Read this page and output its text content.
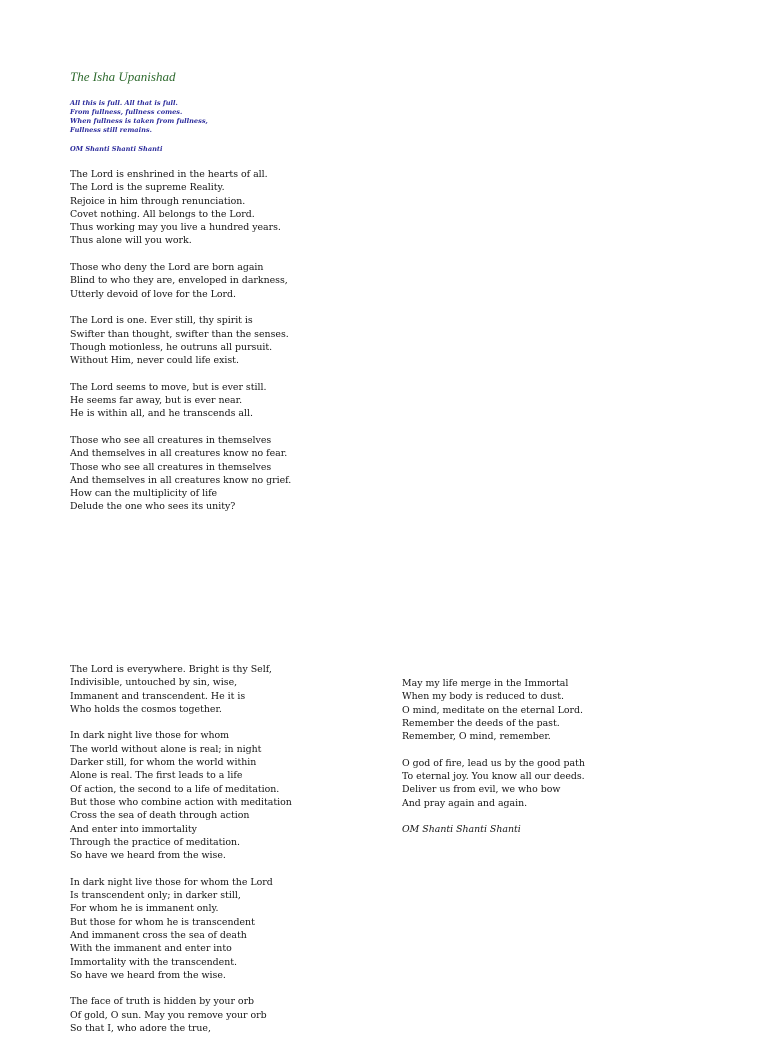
The Isha Upanishad
All this is full. All that is full.
From fullness, fullness comes.
When fullness is taken from fullness,
Fullness still remains.
OM Shanti Shanti Shanti
The Lord is enshrined in the hearts of all.
The Lord is the supreme Reality.
Rejoice in him through renunciation.
Covet nothing. All belongs to the Lord.
Thus working may you live a hundred years.
Thus alone will you work.
Those who deny the Lord are born again
Blind to who they are, enveloped in darkness,
Utterly devoid of love for the Lord.
The Lord is one. Ever still, thy spirit is
Swifter than thought, swifter than the senses.
Though motionless, he outruns all pursuit.
Without Him, never could life exist.
The Lord seems to move, but is ever still.
He seems far away, but is ever near.
He is within all, and he transcends all.
Those who see all creatures in themselves
And themselves in all creatures know no fear.
Those who see all creatures in themselves
And themselves in all creatures know no grief.
How can the multiplicity of life
Delude the one who sees its unity?
The Lord is everywhere. Bright is thy Self,
Indivisible, untouched by sin, wise,
Immanent and transcendent. He it is
Who holds the cosmos together.
In dark night live those for whom
The world without alone is real; in night
Darker still, for whom the world within
Alone is real. The first leads to a life
Of action, the second to a life of meditation.
But those who combine action with meditation
Cross the sea of death through action
And enter into immortality
Through the practice of meditation.
So have we heard from the wise.
In dark night live those for whom the Lord
Is transcendent only; in darker still,
For whom he is immanent only.
But those for whom he is transcendent
And immanent cross the sea of death
With the immanent and enter into
Immortality with the transcendent.
So have we heard from the wise.
The face of truth is hidden by your orb
Of gold, O sun. May you remove your orb
So that I, who adore the true,
May my life merge in the Immortal
When my body is reduced to dust.
O mind, meditate on the eternal Lord.
Remember the deeds of the past.
Remember, O mind, remember.
O god of fire, lead us by the good path
To eternal joy. You know all our deeds.
Deliver us from evil, we who bow
And pray again and again.
OM Shanti Shanti Shanti
